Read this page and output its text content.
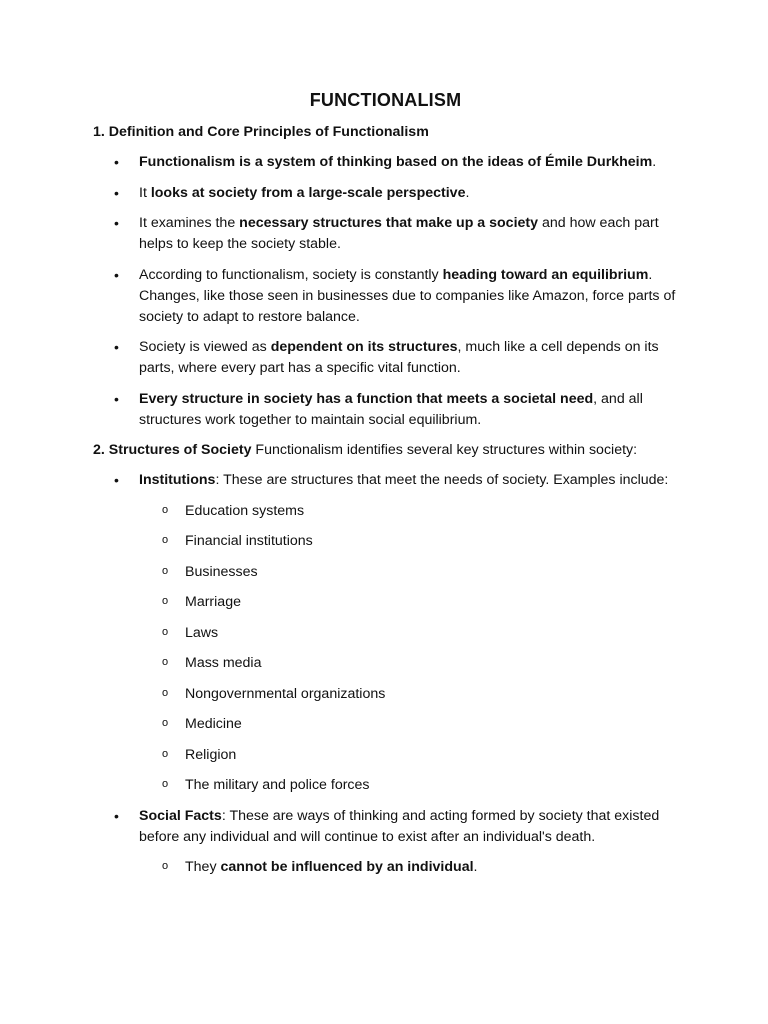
FUNCTIONALISM
1. Definition and Core Principles of Functionalism
• Functionalism is a system of thinking based on the ideas of Émile Durkheim.
• It looks at society from a large-scale perspective.
• It examines the necessary structures that make up a society and how each part helps to keep the society stable.
• According to functionalism, society is constantly heading toward an equilibrium. Changes, like those seen in businesses due to companies like Amazon, force parts of society to adapt to restore balance.
• Society is viewed as dependent on its structures, much like a cell depends on its parts, where every part has a specific vital function.
• Every structure in society has a function that meets a societal need, and all structures work together to maintain social equilibrium.
2. Structures of Society Functionalism identifies several key structures within society:
• Institutions: These are structures that meet the needs of society. Examples include:
o Education systems
o Financial institutions
o Businesses
o Marriage
o Laws
o Mass media
o Nongovernmental organizations
o Medicine
o Religion
o The military and police forces
• Social Facts: These are ways of thinking and acting formed by society that existed before any individual and will continue to exist after an individual's death.
o They cannot be influenced by an individual.
